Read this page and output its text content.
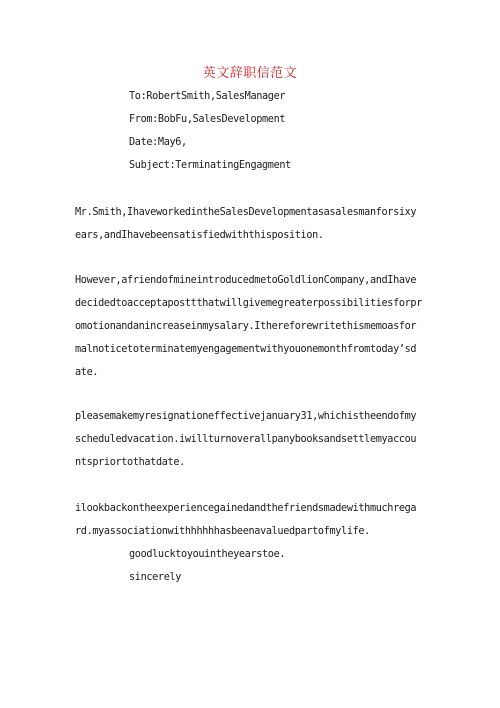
英文辞职信范文
To:RobertSmith,SalesManager
From:BobFu,SalesDevelopment
Date:May6,
Subject:TerminatingEngagment
Mr.Smith,IhaveworkedintheSalesDevelopmentasasalesmanforsixy
ears,andIhavebeensatisfiedwiththisposition.
However,afriendofmineintroducedmetoGoldlionCompany,andIhave
decidedtoacceptaposttthatwillgivemegreaterpossibilitiesforpr
omotionandanincreaseinmysalary.Ithereforewritethismemoasfor
malnoticetoterminatemyengagementwithyouonemonthfromtoday’sd
ate.
pleasemakemyresignationeffectivejanuary31,whichistheendofmy
scheduledvacation.iwillturnoverallpanybooksandsettlemyaccou
ntspriortothatdate.
ilookbackontheexperiencegainedandthefriendsmadewithmuchrega
rd.myassociationwithhhhhhasbeenavaluedpartofmylife.
goodlucktoyouintheyearstoe.
sincerely
